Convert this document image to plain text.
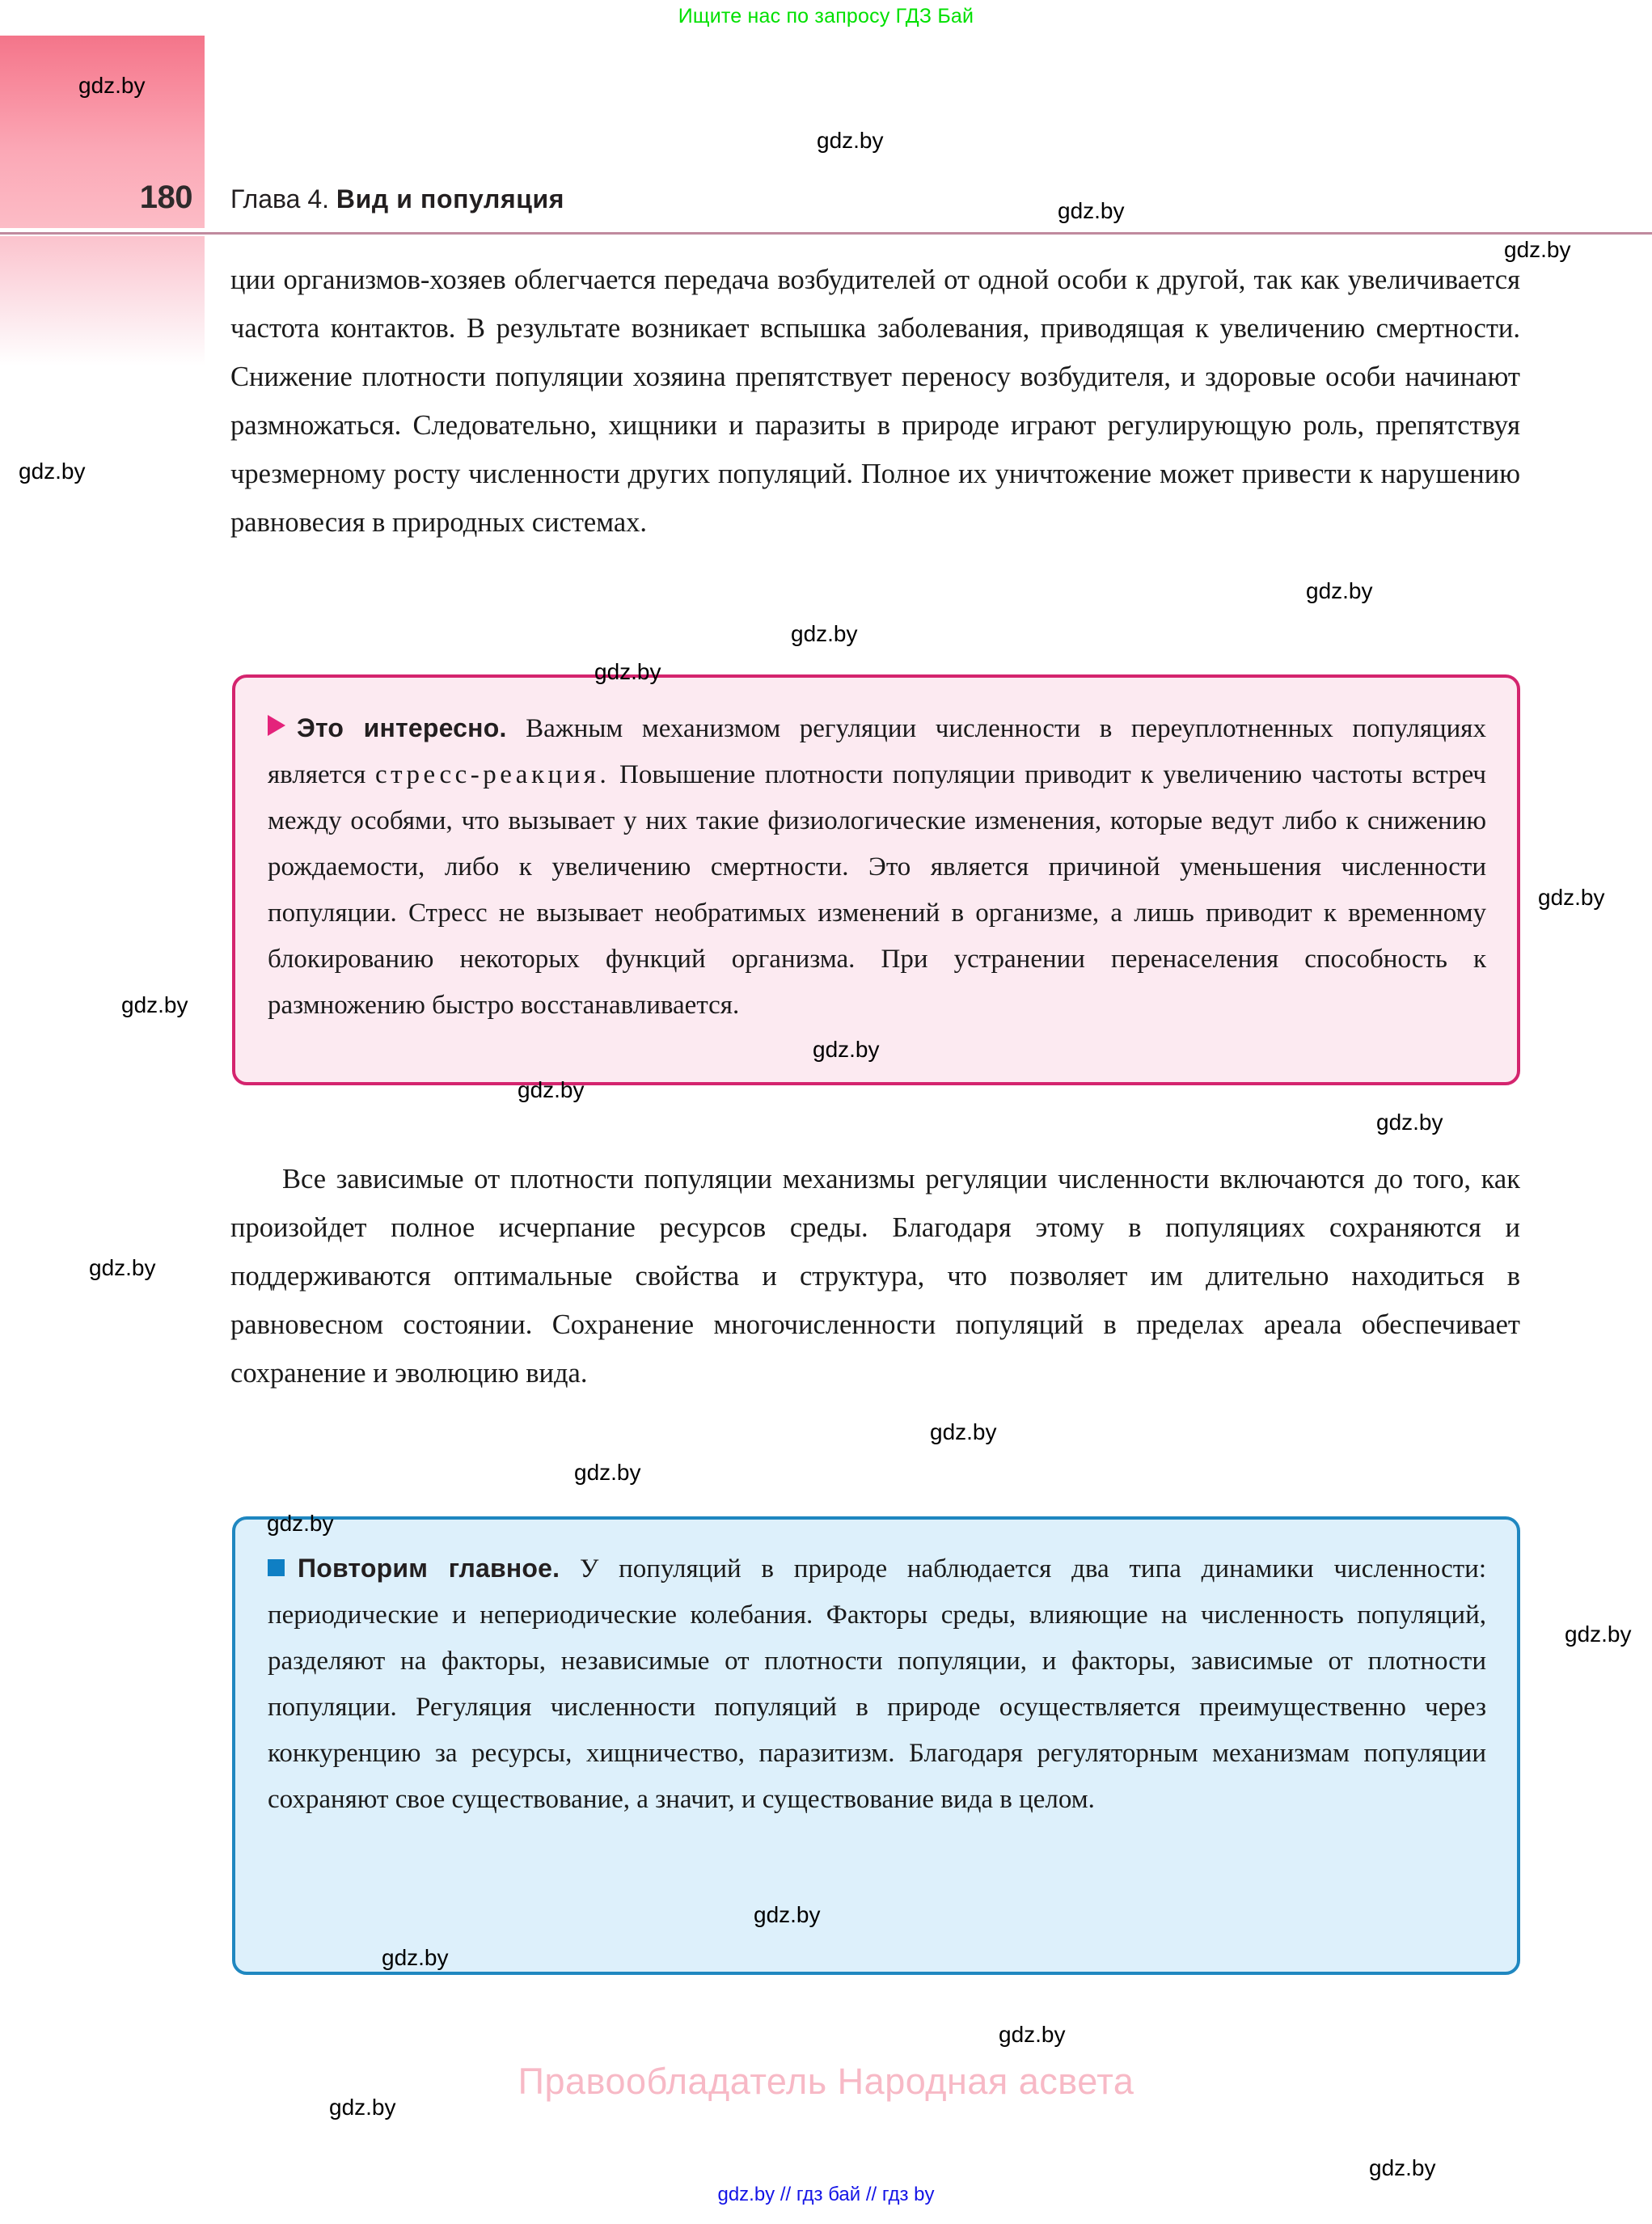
Ищите нас по запросу ГДЗ Бай
180 Глава 4. Вид и популяция

ции организмов-хозяев облегчается передача возбудителей от одной особи к другой, так как увеличивается частота контактов. В результате возникает вспышка заболевания, приводящая к увеличению смертности. Снижение плотности популяции хозяина препятствует переносу возбудителя, и здоровые особи начинают размножаться. Следовательно, хищники и паразиты в природе играют регулирующую роль, препятствуя чрезмерному росту численности других популяций. Полное их уничтожение может привести к нарушению равновесия в природных системах.

Это интересно. Важным механизмом регуляции численности в переуплотненных популяциях является стресс-реакция. Повышение плотности популяции приводит к увеличению частоты встреч между особями, что вызывает у них такие физиологические изменения, которые ведут либо к снижению рождаемости, либо к увеличению смертности. Это является причиной уменьшения численности популяции. Стресс не вызывает необратимых изменений в организме, а лишь приводит к временному блокированию некоторых функций организма. При устранении перенаселения способность к размножению быстро восстанавливается.

Все зависимые от плотности популяции механизмы регуляции численности включаются до того, как произойдет полное исчерпание ресурсов среды. Благодаря этому в популяциях сохраняются и поддерживаются оптимальные свойства и структура, что позволяет им длительно находиться в равновесном состоянии. Сохранение многочисленности популяций в пределах ареала обеспечивает сохранение и эволюцию вида.

Повторим главное. У популяций в природе наблюдается два типа динамики численности: периодические и непериодические колебания. Факторы среды, влияющие на численность популяций, разделяют на факторы, независимые от плотности популяции, и факторы, зависимые от плотности популяции. Регуляция численности популяций в природе осуществляется преимущественно через конкуренцию за ресурсы, хищничество, паразитизм. Благодаря регуляторным механизмам популяции сохраняют свое существование, а значит, и существование вида в целом.

Правообладатель Народная асвета
gdz.by // гдз бай // гдз by
gdz.by
gdz.by
gdz.by
gdz.by
gdz.by
gdz.by
gdz.by
gdz.by
gdz.by
gdz.by
gdz.by
gdz.by
gdz.by
gdz.by
gdz.by
gdz.by
gdz.by
gdz.by
gdz.by
gdz.by
gdz.by
gdz.by
gdz.by
